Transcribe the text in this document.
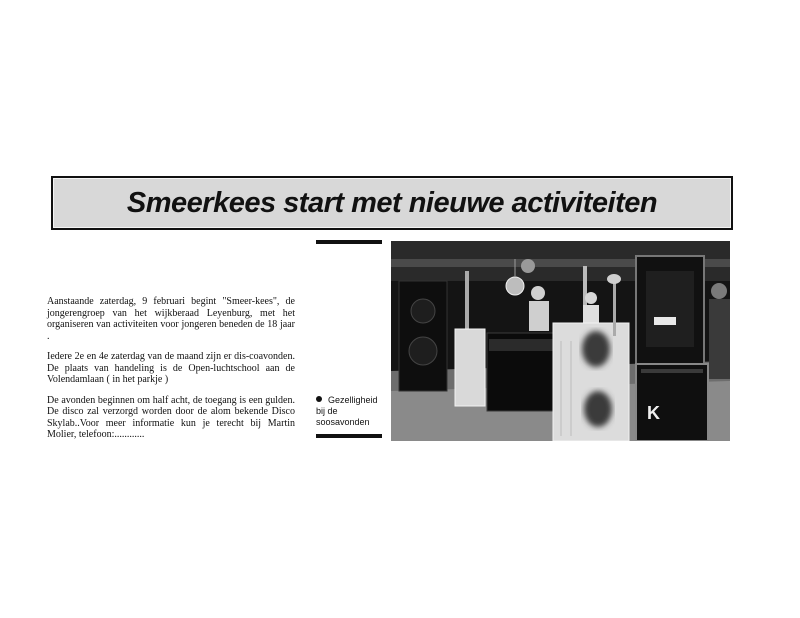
Smeerkees start met nieuwe activiteiten

Aanstaande zaterdag, 9 februari begint "Smeer-kees", de jongerengroep van het wijkberaad Leyenburg, met het organiseren van activiteiten voor jongeren beneden de 18 jaar .

Iedere 2e en 4e zaterdag van de maand zijn er dis-coavonden. De plaats van handeling is de Open-luchtschool aan de Volendamlaan ( in het parkje )

De avonden beginnen om half acht, de toegang is een gulden. De disco zal verzorgd worden door de alom bekende Disco Skylab..Voor meer informatie kun je terecht bij Martin Molier, telefoon:............

Gezelligheid bij de soosavonden	K
